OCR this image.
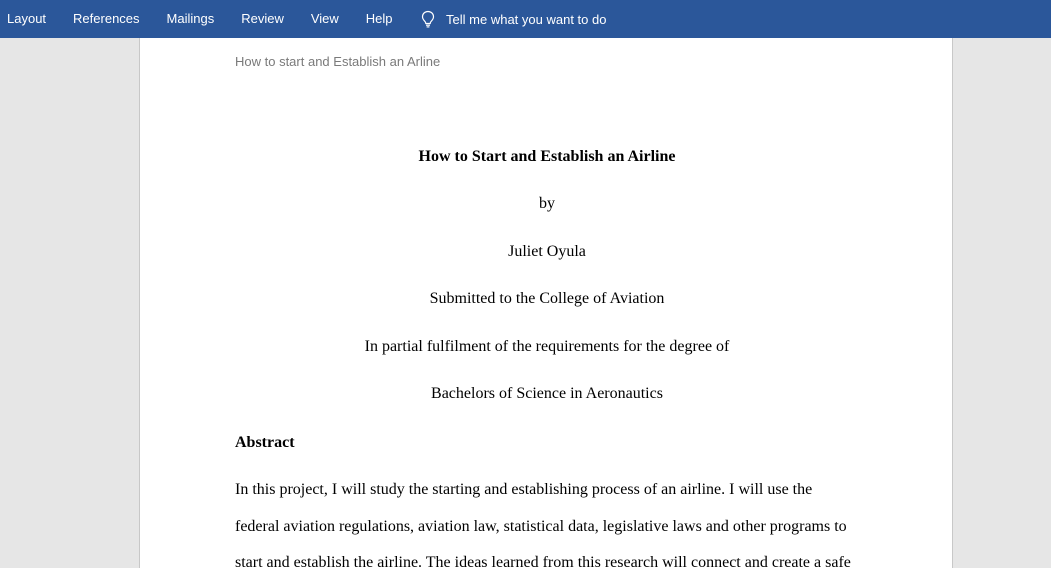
Layout	References	Mailings	Review	View	Help	Tell me what you want to do
How to start and Establish an Arline
How to Start and Establish an Airline
by
Juliet Oyula
Submitted to the College of Aviation
In partial fulfilment of the requirements for the degree of
Bachelors of Science in Aeronautics
Abstract
In this project, I will study the starting and establishing process of an airline. I will use the
federal aviation regulations, aviation law, statistical data, legislative laws and other programs to
start and establish the airline. The ideas learned from this research will connect and create a safe
